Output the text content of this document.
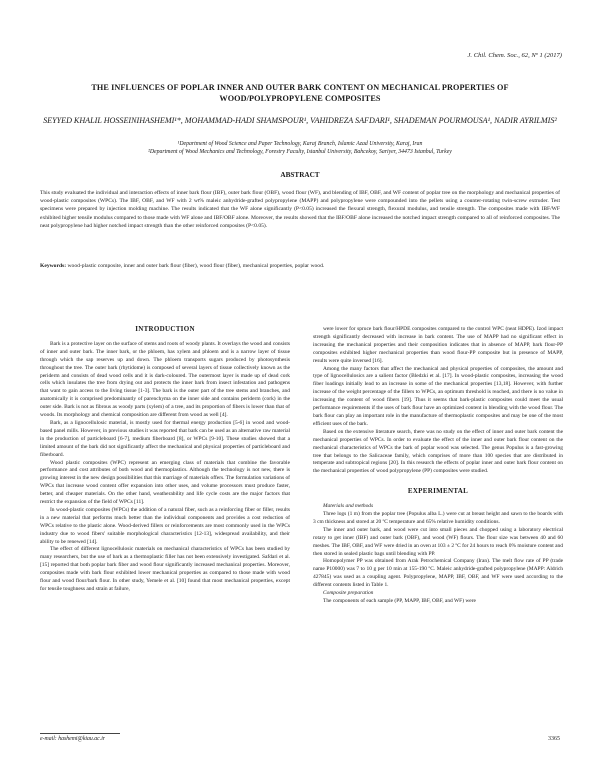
J. Chil. Chem. Soc., 62, Nº 1 (2017)
THE INFLUENCES OF POPLAR INNER AND OUTER BARK CONTENT ON MECHANICAL PROPERTIES OF WOOD/POLYPROPYLENE COMPOSITES
SEYYED KHALIL HOSSEINIHASHEMI¹*, MOHAMMAD-HADI SHAMSPOUR¹, VAHIDREZA SAFDARI¹, SHADEMAN POURMOUSA¹, NADIR AYRILMIS²
¹Department of Wood Science and Paper Technology, Karaj Branch, Islamic Azad University, Karaj, Iran
²Department of Wood Mechanics and Technology, Forestry Faculty, Istanbul University, Bahcekoy, Sariyer, 34473 Istanbul, Turkey
ABSTRACT
This study evaluated the individual and interaction effects of inner bark flour (IBF), outer bark flour (OBF), wood flour (WF), and blending of IBF, OBF, and WF content of poplar tree on the morphology and mechanical properties of wood-plastic composites (WPCs). The IBF, OBF, and WF with 2 wt% maleic anhydride-grafted polypropylene (MAPP) and polypropylene were compounded into the pellets using a counter-rotating twin-screw extruder. Test specimens were prepared by injection molding machine. The results indicated that the WF alone significantly (P<0.05) increased the flexural strength, flexural modulus, and tensile strength. The composites made with IBF/WF exhibited higher tensile modulus compared to those made with WF alone and IBF/OBF alone. Moreover, the results showed that the IBF/OBF alone increased the notched impact strength compared to all of reinforced composites. The neat polypropylene had higher notched impact strength than the other reinforced composites (P<0.05).
Keywords: wood-plastic composite, inner and outer bark flour (fiber), wood flour (fiber), mechanical properties, poplar wood.
INTRODUCTION

Bark is a protective layer on the surface of stems and roots of woody plants. It overlays the wood and consists of inner and outer bark. The inner bark, or the phloem, has xylem and phloem and is a narrow layer of tissue through which the sap reserves up and down. The phloem transports sugars produced by photosynthesis throughout the tree. The outer bark (rhytidome) is composed of several layers of tissue collectively known as the periderm and consists of dead wood cells and it is dark-coloured. The outermost layer is made up of dead cork cells which insulates the tree from drying out and protects the inner bark from insect infestation and pathogens that want to gain access to the living tissue [1-3]. The bark is the outer part of the tree stems and branches, and anatomically it is comprised predominantly of parenchyma on the inner side and contains periderm (cork) in the outer side. Bark is not as fibrous as woody parts (xylem) of a tree, and its proportion of fibers is lower than that of woods. Its morphology and chemical composition are different from wood as well [4].

Bark, as a lignocellulosic material, is mostly used for thermal energy production [5-6] in wood and wood-based panel mills. However, in previous studies it was reported that bark can be used as an alternative raw material in the production of particleboard [6-7], medium fiberboard [8], or WPCs [9-10]. These studies showed that a limited amount of the bark did not significantly affect the mechanical and physical properties of particleboard and fiberboard.

Wood plastic composites (WPC) represent an emerging class of materials that combine the favorable performance and cost attributes of both wood and thermoplastics. Although the technology is not new, there is growing interest in the new design possibilities that this marriage of materials offers. The formulation variations of WPCs that increase wood content offer expansion into other uses, and volume processors must produce faster, better, and cheaper materials. On the other hand, weatherability and life cycle costs are the major factors that restrict the expansion of the field of WPCs [11].

In wood-plastic composites (WPCs) the addition of a natural fiber, such as a reinforcing fiber or filler, results in a new material that performs much better than the individual components and provides a cost reduction of WPCs relative to the plastic alone. Wood-derived fillers or reinforcements are most commonly used in the WPCs industry due to wood fibers' suitable morphological characteristics [12-13], widespread availability, and their ability to be renewed [14].

The effect of different lignocellulosic materials on mechanical characteristics of WPCs has been studied by many researchers, but the use of bark as a thermoplastic filler has not been extensively investigated. Safdari et al. [15] reported that both poplar bark fiber and wood flour significantly increased mechanical properties. Moreover, composites made with bark flour exhibited lower mechanical properties as compared to those made with wood flour and wood flour/bark flour. In other study, Yemele et al. [10] found that most mechanical properties, except for tensile toughness and strain at failure,

were lower for spruce bark flour/HPDE composites compared to the control WPC (neat HDPE). Izod impact strength significantly decreased with increase in bark content. The use of MAPP had no significant effect in increasing the mechanical properties and their composition indicates that in absence of MAPP, bark flour-PP composites exhibited higher mechanical properties than wood flour-PP composite but in presence of MAPP, results were quite inversed [16].

Among the many factors that affect the mechanical and physical properties of composites, the amount and type of lignocellulosics are a salient factor (Bledzki et al. [17]. In wood-plastic composites, increasing the wood fiber loadings initially lead to an increase in some of the mechanical properties [13,18]. However, with further increase of the weight percentage of the fillers to WPCs, an optimum threshold is reached, and there is no value in increasing the content of wood fibers [19]. Thus it seems that bark-plastic composites could meet the usual performance requirements if the uses of bark flour have an optimized content in blending with the wood flour. The bark flour can play an important role in the manufacture of thermoplastic composites and may be one of the most efficient uses of the bark.

Based on the extensive literature search, there was no study on the effect of inner and outer bark content the mechanical properties of WPCs. In order to evaluate the effect of the inner and outer bark flour content on the mechanical characteristics of WPCs the bark of poplar wood was selected. The genus Populus is a fast-growing tree that belongs to the Salicaceae family, which comprises of more than 100 species that are distributed in temperate and subtropical regions [20]. In this research the effects of poplar inner and outer bark flour content on the mechanical properties of wood polypropylene (PP) composites were studied.

EXPERIMENTAL
Materials and methods

Three logs (1 m) from the poplar tree (Populus alba L.) were cut at breast height and sawn to the boards with 3 cm thickness and stored at 20 ºC temperature and 65% relative humidity conditions.

The inner and outer bark, and wood were cut into small pieces and chopped using a laboratory electrical rotary to get inner (IBF) and outer bark (OBF), and wood (WF) flours. The flour size was between 40 and 60 meshes. The IBF, OBF, and WF were dried in an oven at 103 ± 2 ºC for 24 hours to reach 0% moisture content and then stored in sealed plastic bags until blending with PP.

Homopolymer PP was obtained from Arak Petrochemical Company (Iran). The melt flow rate of PP (trade name P10000) was 7 to 10 g per 10 min at 155-190 ºC. Maleic anhydride-grafted polypropylene (MAPP: Aldrich 427845) was used as a coupling agent. Polypropylene, MAPP, IBF, OBF, and WF were used according to the different contents listed in Table 1.

Composite preparation

The components of each sample (PP, MAPP, IBF, OBF, and WF) were

e-mail: hashemi@kiau.ac.ir	3365
